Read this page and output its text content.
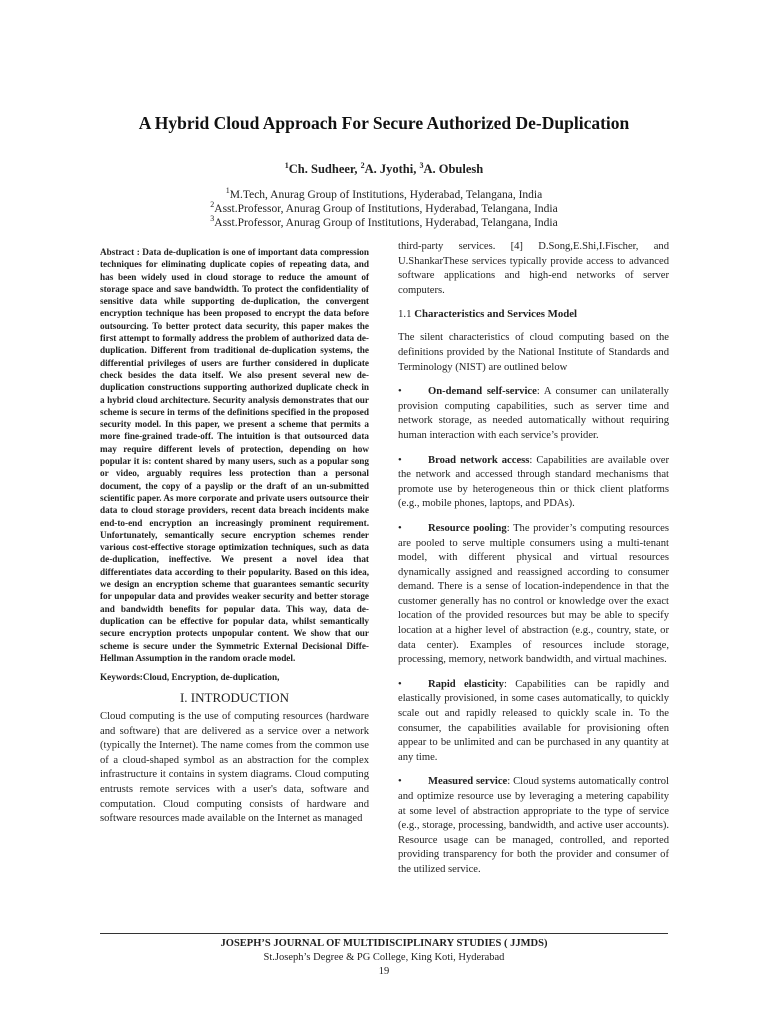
A Hybrid Cloud Approach For Secure Authorized De-Duplication
$^1$Ch. Sudheer, $^2$A. Jyothi, $^3$A. Obulesh
$^1$M.Tech, Anurag Group of Institutions, Hyderabad, Telangana, India
$^2$Asst.Professor, Anurag Group of Institutions, Hyderabad, Telangana, India
$^3$Asst.Professor, Anurag Group of Institutions, Hyderabad, Telangana, India

Abstract : Data de-duplication is one of important data compression techniques for eliminating duplicate copies of repeating data, and has been widely used in cloud storage to reduce the amount of storage space and save bandwidth. To protect the confidentiality of sensitive data while supporting de-duplication, the convergent encryption technique has been proposed to encrypt the data before outsourcing. To better protect data security, this paper makes the first attempt to formally address the problem of authorized data de-duplication. Different from traditional de-duplication systems, the differential privileges of users are further considered in duplicate check besides the data itself. We also present several new de-duplication constructions supporting authorized duplicate check in a hybrid cloud architecture. Security analysis demonstrates that our scheme is secure in terms of the definitions specified in the proposed security model. In this paper, we present a scheme that permits a more fine-grained trade-off. The intuition is that outsourced data may require different levels of protection, depending on how popular it is: content shared by many users, such as a popular song or video, arguably requires less protection than a personal document, the copy of a payslip or the draft of an un-submitted scientific paper. As more corporate and private users outsource their data to cloud storage providers, recent data breach incidents make end-to-end encryption an increasingly prominent requirement. Unfortunately, semantically secure encryption schemes render various cost-effective storage optimization techniques, such as data de-duplication, ineffective. We present a novel idea that differentiates data according to their popularity. Based on this idea, we design an encryption scheme that guarantees semantic security for unpopular data and provides weaker security and better storage and bandwidth benefits for popular data. This way, data de-duplication can be effective for popular data, whilst semantically secure encryption protects unpopular content. We show that our scheme is secure under the Symmetric External Decisional Diffe-Hellman Assumption in the random oracle model.

Keywords:Cloud, Encryption, de-duplication,

I. INTRODUCTION

Cloud computing is the use of computing resources (hardware and software) that are delivered as a service over a network (typically the Internet). The name comes from the common use of a cloud-shaped symbol as an abstraction for the complex infrastructure it contains in system diagrams. Cloud computing entrusts remote services with a user's data, software and computation. Cloud computing consists of hardware and software resources made available on the Internet as managed

third-party services. [4] D.Song,E.Shi,I.Fischer, and U.ShankarThese services typically provide access to advanced software applications and high-end networks of server computers.

1.1 Characteristics and Services Model

The silent characteristics of cloud computing based on the definitions provided by the National Institute of Standards and Terminology (NIST) are outlined below

• On-demand self-service: A consumer can unilaterally provision computing capabilities, such as server time and network storage, as needed automatically without requiring human interaction with each service’s provider.

• Broad network access: Capabilities are available over the network and accessed through standard mechanisms that promote use by heterogeneous thin or thick client platforms (e.g., mobile phones, laptops, and PDAs).

• Resource pooling: The provider’s computing resources are pooled to serve multiple consumers using a multi-tenant model, with different physical and virtual resources dynamically assigned and reassigned according to consumer demand. There is a sense of location-independence in that the customer generally has no control or knowledge over the exact location of the provided resources but may be able to specify location at a higher level of abstraction (e.g., country, state, or data center). Examples of resources include storage, processing, memory, network bandwidth, and virtual machines.

• Rapid elasticity: Capabilities can be rapidly and elastically provisioned, in some cases automatically, to quickly scale out and rapidly released to quickly scale in. To the consumer, the capabilities available for provisioning often appear to be unlimited and can be purchased in any quantity at any time.

• Measured service: Cloud systems automatically control and optimize resource use by leveraging a metering capability at some level of abstraction appropriate to the type of service (e.g., storage, processing, bandwidth, and active user accounts). Resource usage can be managed, controlled, and reported providing transparency for both the provider and consumer of the utilized service.

JOSEPH’S JOURNAL OF MULTIDISCIPLINARY STUDIES ( JJMDS)
St.Joseph’s Degree & PG College, King Koti, Hyderabad
19
